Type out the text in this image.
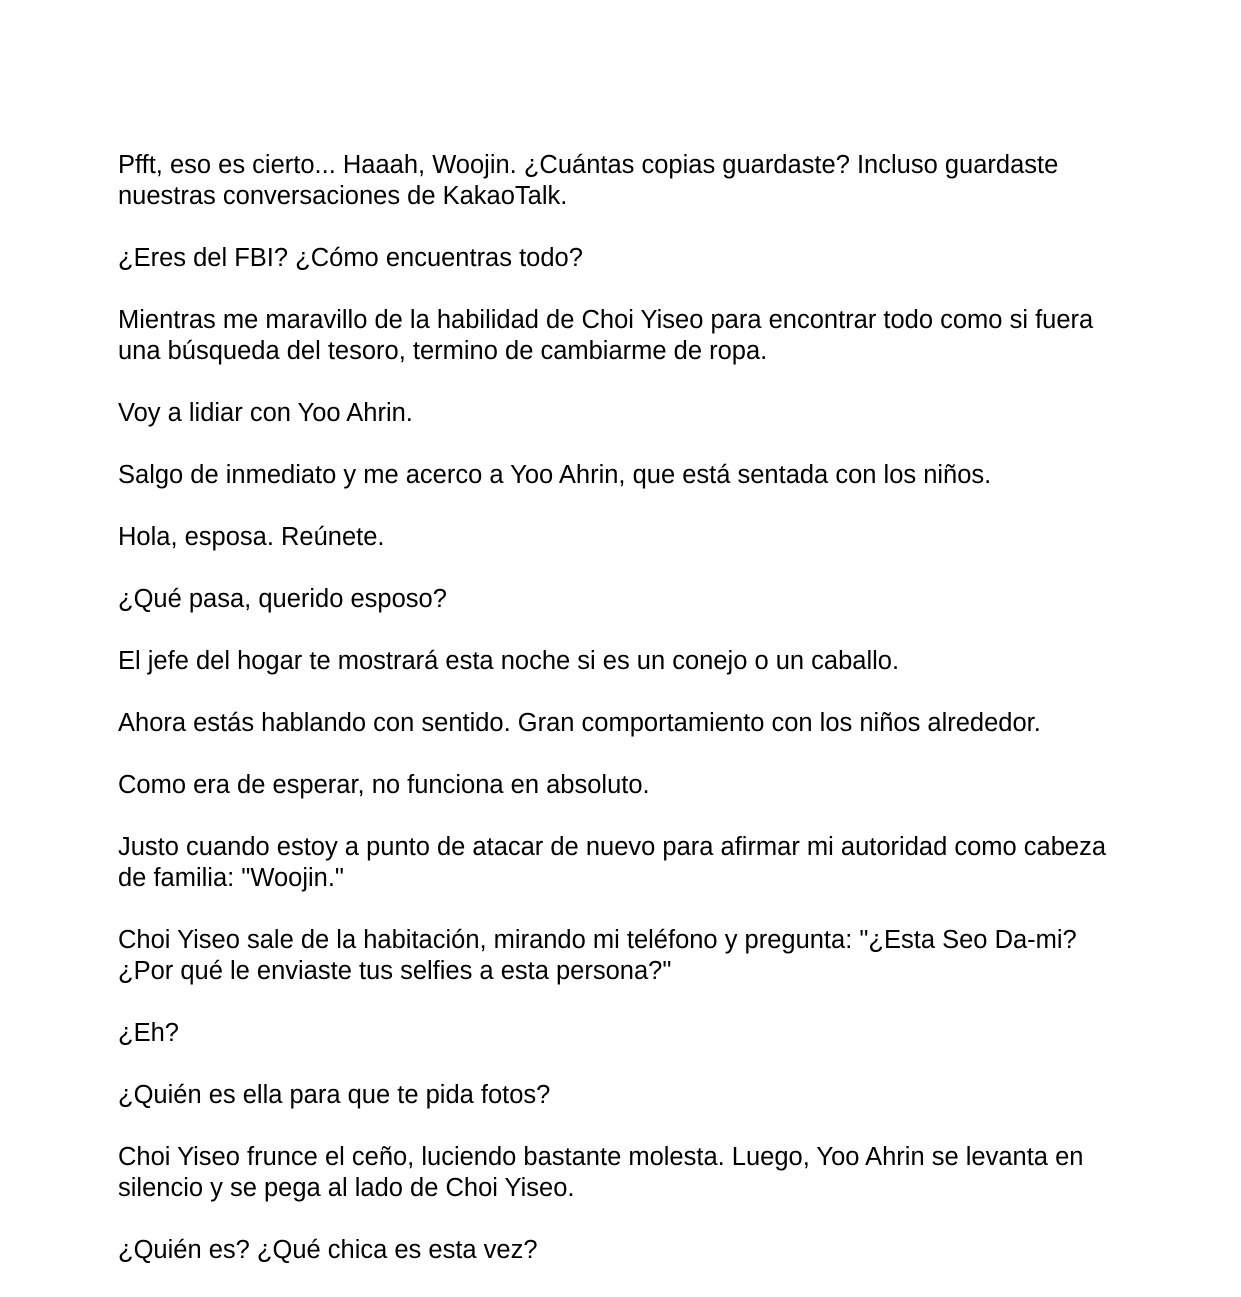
Pfft, eso es cierto... Haaah, Woojin. ¿Cuántas copias guardaste? Incluso guardaste nuestras conversaciones de KakaoTalk.

¿Eres del FBI? ¿Cómo encuentras todo?

Mientras me maravillo de la habilidad de Choi Yiseo para encontrar todo como si fuera una búsqueda del tesoro, termino de cambiarme de ropa.

Voy a lidiar con Yoo Ahrin.

Salgo de inmediato y me acerco a Yoo Ahrin, que está sentada con los niños.

Hola, esposa. Reúnete.

¿Qué pasa, querido esposo?

El jefe del hogar te mostrará esta noche si es un conejo o un caballo.

Ahora estás hablando con sentido. Gran comportamiento con los niños alrededor.

Como era de esperar, no funciona en absoluto.

Justo cuando estoy a punto de atacar de nuevo para afirmar mi autoridad como cabeza de familia: "Woojin."

Choi Yiseo sale de la habitación, mirando mi teléfono y pregunta: "¿Esta Seo Da-mi? ¿Por qué le enviaste tus selfies a esta persona?"

¿Eh?

¿Quién es ella para que te pida fotos?

Choi Yiseo frunce el ceño, luciendo bastante molesta. Luego, Yoo Ahrin se levanta en silencio y se pega al lado de Choi Yiseo.

¿Quién es? ¿Qué chica es esta vez?
